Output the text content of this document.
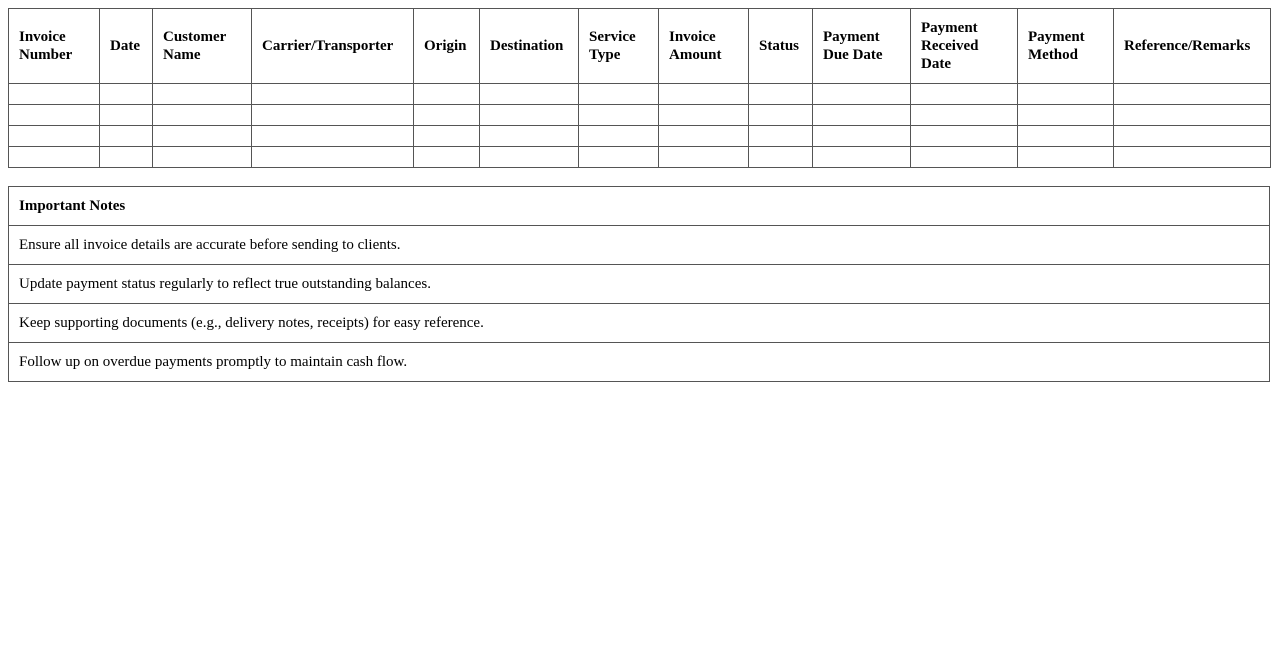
Invoice Number	Date	Customer Name	Carrier/Transporter	Origin	Destination	Service Type	Invoice Amount	Status	Payment Due Date	Payment Received Date	Payment Method	Reference/Remarks

Important Notes
Ensure all invoice details are accurate before sending to clients.
Update payment status regularly to reflect true outstanding balances.
Keep supporting documents (e.g., delivery notes, receipts) for easy reference.
Follow up on overdue payments promptly to maintain cash flow.
